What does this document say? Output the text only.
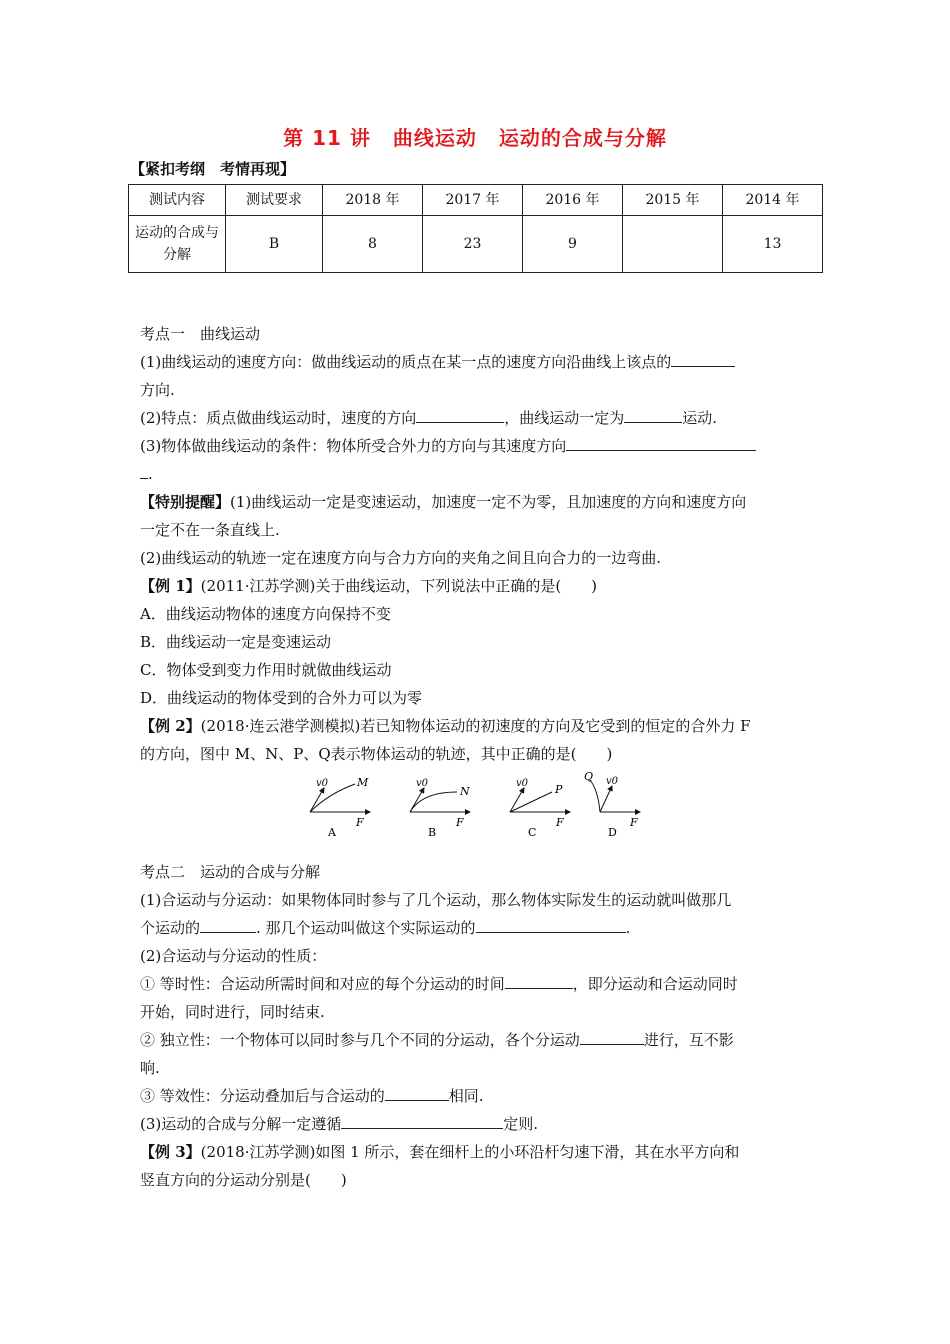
第 11 讲 曲线运动 运动的合成与分解
【紧扣考纲　考情再现】
测试内容	测试要求	2018 年	2017 年	2016 年	2015 年	2014 年
运动的合成与分解	B	8	23	9		13

考点一　曲线运动

(1)曲线运动的速度方向：做曲线运动的质点在某一点的速度方向沿曲线上该点的

方向.

(2)特点：质点做曲线运动时，速度的方向	，曲线运动一定为	运动.

(3)物体做曲线运动的条件：物体所受合外力的方向与其速度方向

.

【特别提醒】(1)曲线运动一定是变速运动，加速度一定不为零，且加速度的方向和速度方向

一定不在一条直线上.

(2)曲线运动的轨迹一定在速度方向与合力方向的夹角之间且向合力的一边弯曲.

【例 1】(2011·江苏学测)关于曲线运动，下列说法中正确的是(　　)

A．曲线运动物体的速度方向保持不变

B．曲线运动一定是变速运动

C．物体受到变力作用时就做曲线运动

D．曲线运动的物体受到的合外力可以为零

【例 2】(2018·连云港学测模拟)若已知物体运动的初速度的方向及它受到的恒定的合外力 F

的方向，图中 M、N、P、Q表示物体运动的轨迹，其中正确的是(　　)

考点二　运动的合成与分解

(1)合运动与分运动：如果物体同时参与了几个运动，那么物体实际发生的运动就叫做那几

个运动的	. 那几个运动叫做这个实际运动的	.

(2)合运动与分运动的性质：

① 等时性：合运动所需时间和对应的每个分运动的时间	，即分运动和合运动同时

开始，同时进行，同时结束.

② 独立性：一个物体可以同时参与几个不同的分运动，各个分运动	进行，互不影

响.

③ 等效性：分运动叠加后与合运动的	相同.

(3)运动的合成与分解一定遵循	定则.

【例 3】(2018·江苏学测)如图 1 所示，套在细杆上的小环沿杆匀速下滑，其在水平方向和

竖直方向的分运动分别是(　　)

v0	M
F
A
v0
N
F
B
v0 P
F
C
v0
Q
F
D
